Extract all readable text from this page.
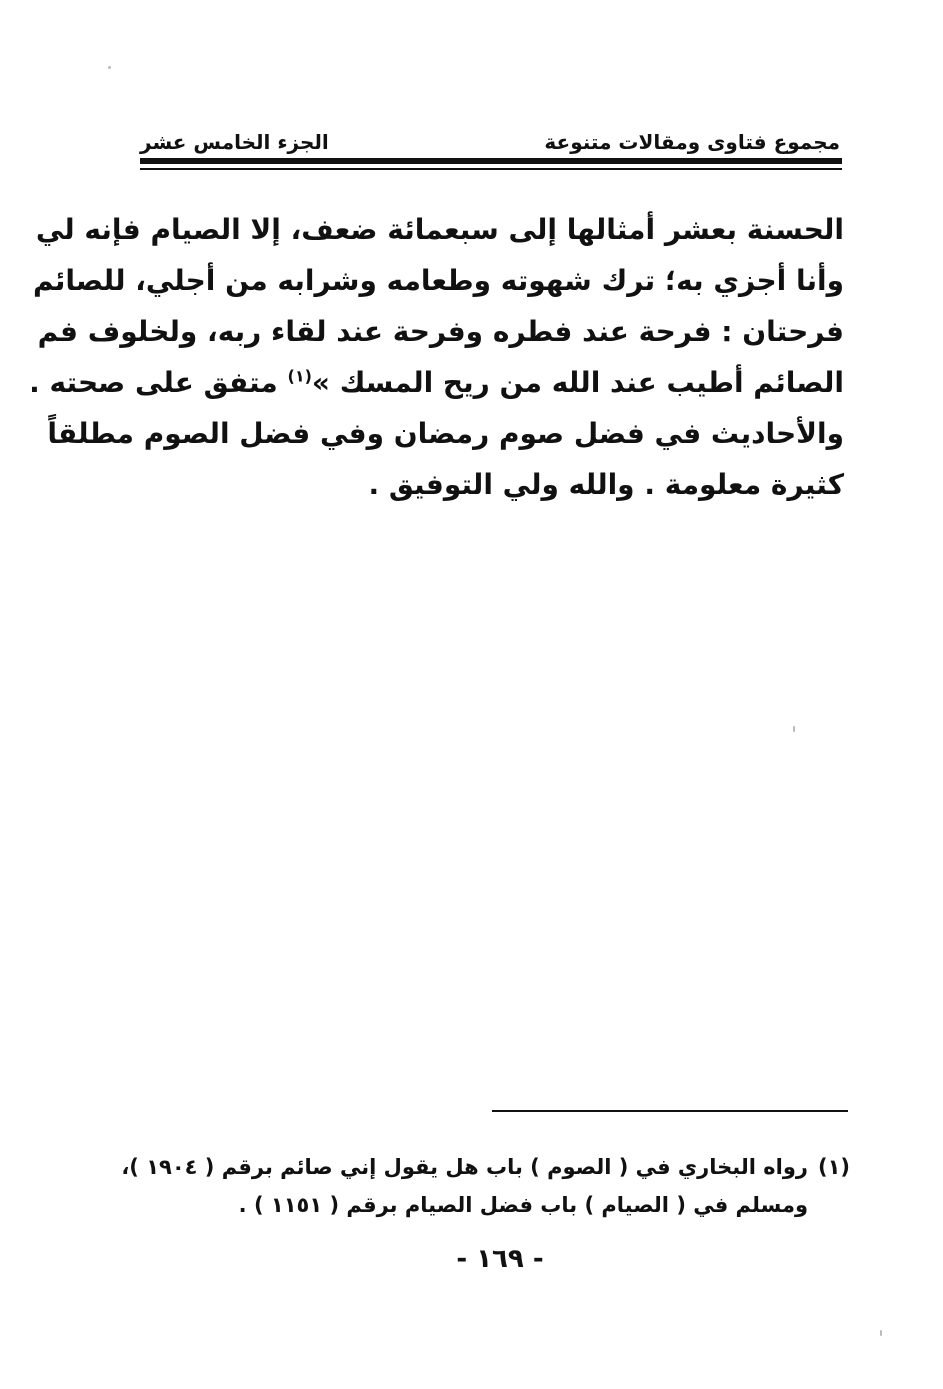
مجموع فتاوى ومقالات متنوعة
الجزء الخامس عشر
الحسنة بعشر أمثالها إلى سبعمائة ضعف، إلا الصيام فإنه لي
وأنا أجزي به؛ ترك شهوته وطعامه وشرابه من أجلي، للصائم
فرحتان : فرحة عند فطره وفرحة عند لقاء ربه، ولخلوف فم
الصائم أطيب عند الله من ريح المسك »$^{(١)}$ متفق على صحته .
والأحاديث في فضل صوم رمضان وفي فضل الصوم مطلقاً
كثيرة معلومة . والله ولي التوفيق .
(١)رواه البخاري في ( الصوم ) باب هل يقول إني صائم برقم ( ١٩٠٤ )،
ومسلم في ( الصيام ) باب فضل الصيام برقم ( ١١٥١ ) .
- ١٦٩ -
